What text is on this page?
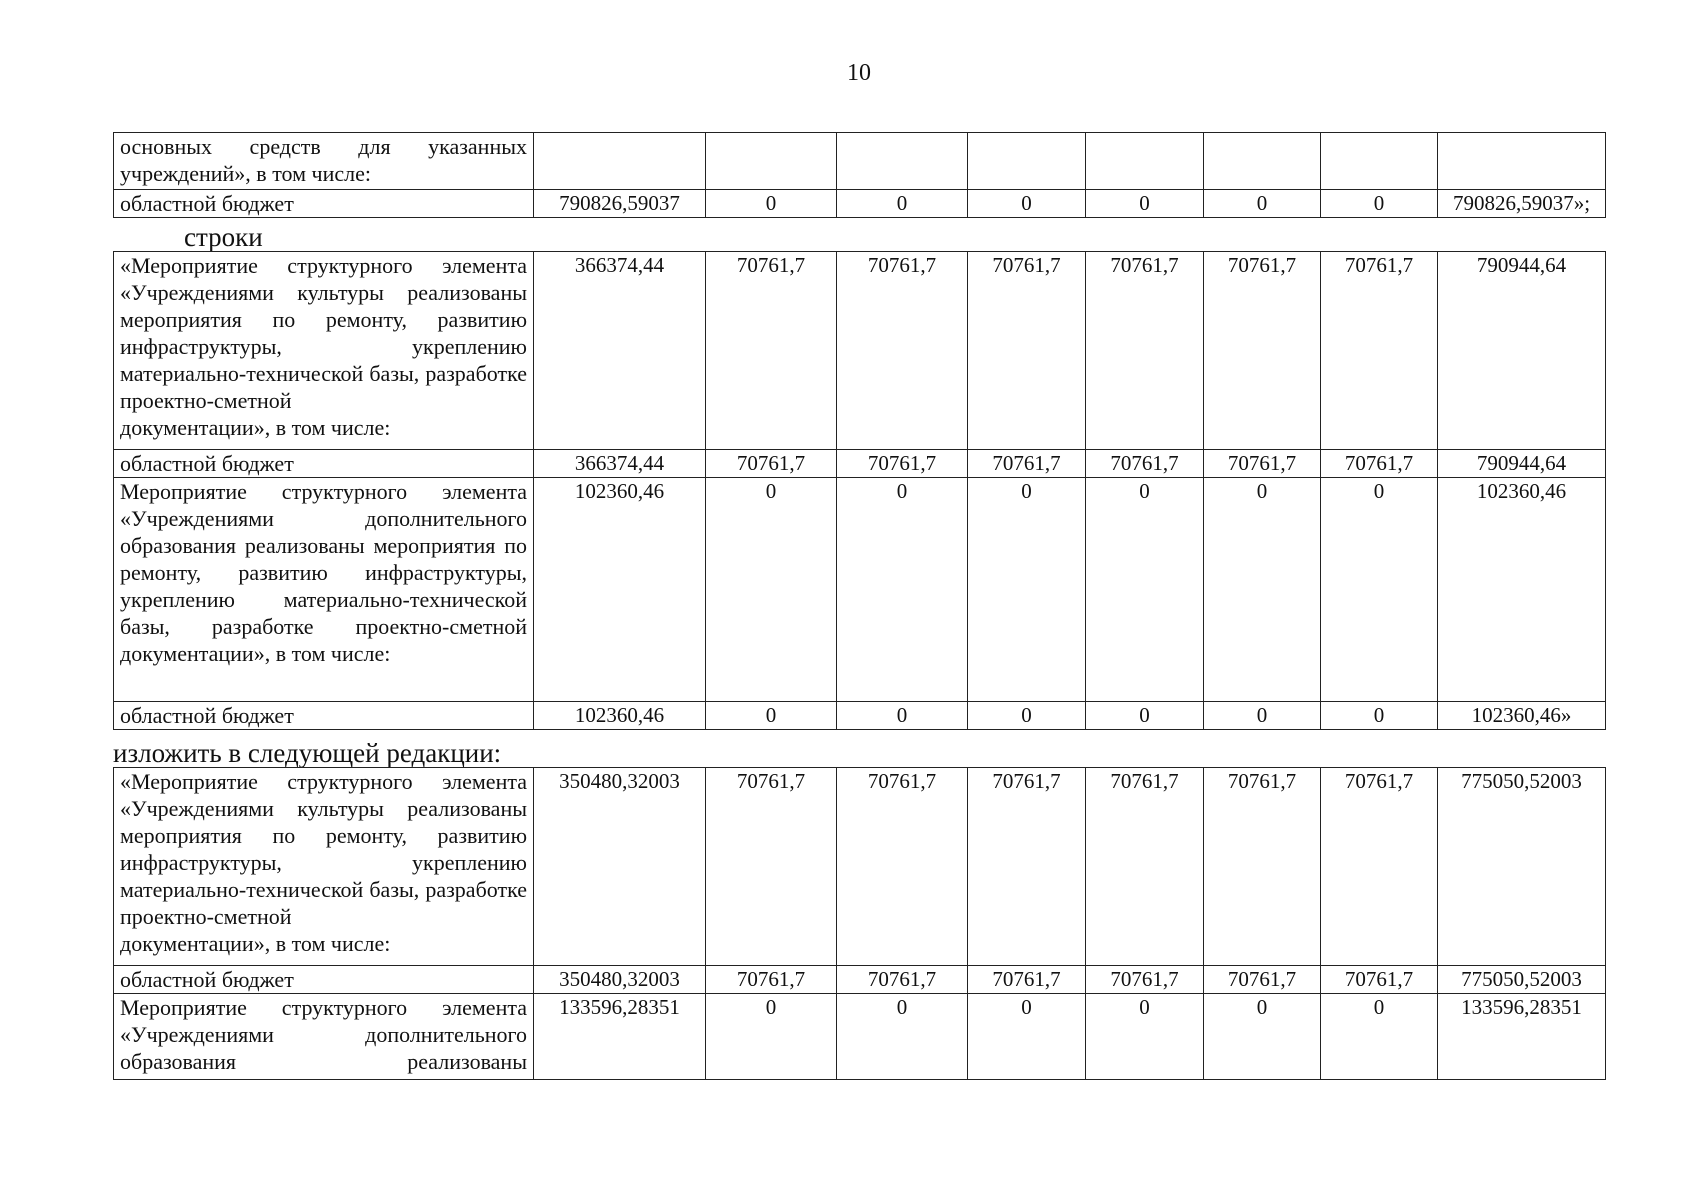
10
основных средств для указанных учреждений», в том числе:								

областной бюджет	790826,59037	0	0	0	0	0	0	790826,59037»;
строки
«Мероприятие структурного элемента «Учреждениями культуры реализованы мероприятия по ремонту, развитию инфраструктуры, укреплению материально-технической базы, разработке проектно-сметной
документации», в том числе:	366374,44	70761,7	70761,7	70761,7	70761,7	70761,7	70761,7	790944,64
областной бюджет	366374,44	70761,7	70761,7	70761,7	70761,7	70761,7	70761,7	790944,64
Мероприятие структурного элемента «Учреждениями дополнительного образования реализованы мероприятия по ремонту, развитию инфраструктуры, укреплению материально-технической базы, разработке проектно-сметной
документации», в том числе:	102360,46	0	0	0	0	0	0	102360,46
областной бюджет	102360,46	0	0	0	0	0	0	102360,46»
изложить в следующей редакции:
«Мероприятие структурного элемента «Учреждениями культуры реализованы мероприятия по ремонту, развитию инфраструктуры, укреплению материально-технической базы, разработке проектно-сметной
документации», в том числе:	350480,32003	70761,7	70761,7	70761,7	70761,7	70761,7	70761,7	775050,52003
областной бюджет	350480,32003	70761,7	70761,7	70761,7	70761,7	70761,7	70761,7	775050,52003
Мероприятие структурного элемента «Учреждениями дополнительного образования реализованы	133596,28351	0	0	0	0	0	0	133596,28351
